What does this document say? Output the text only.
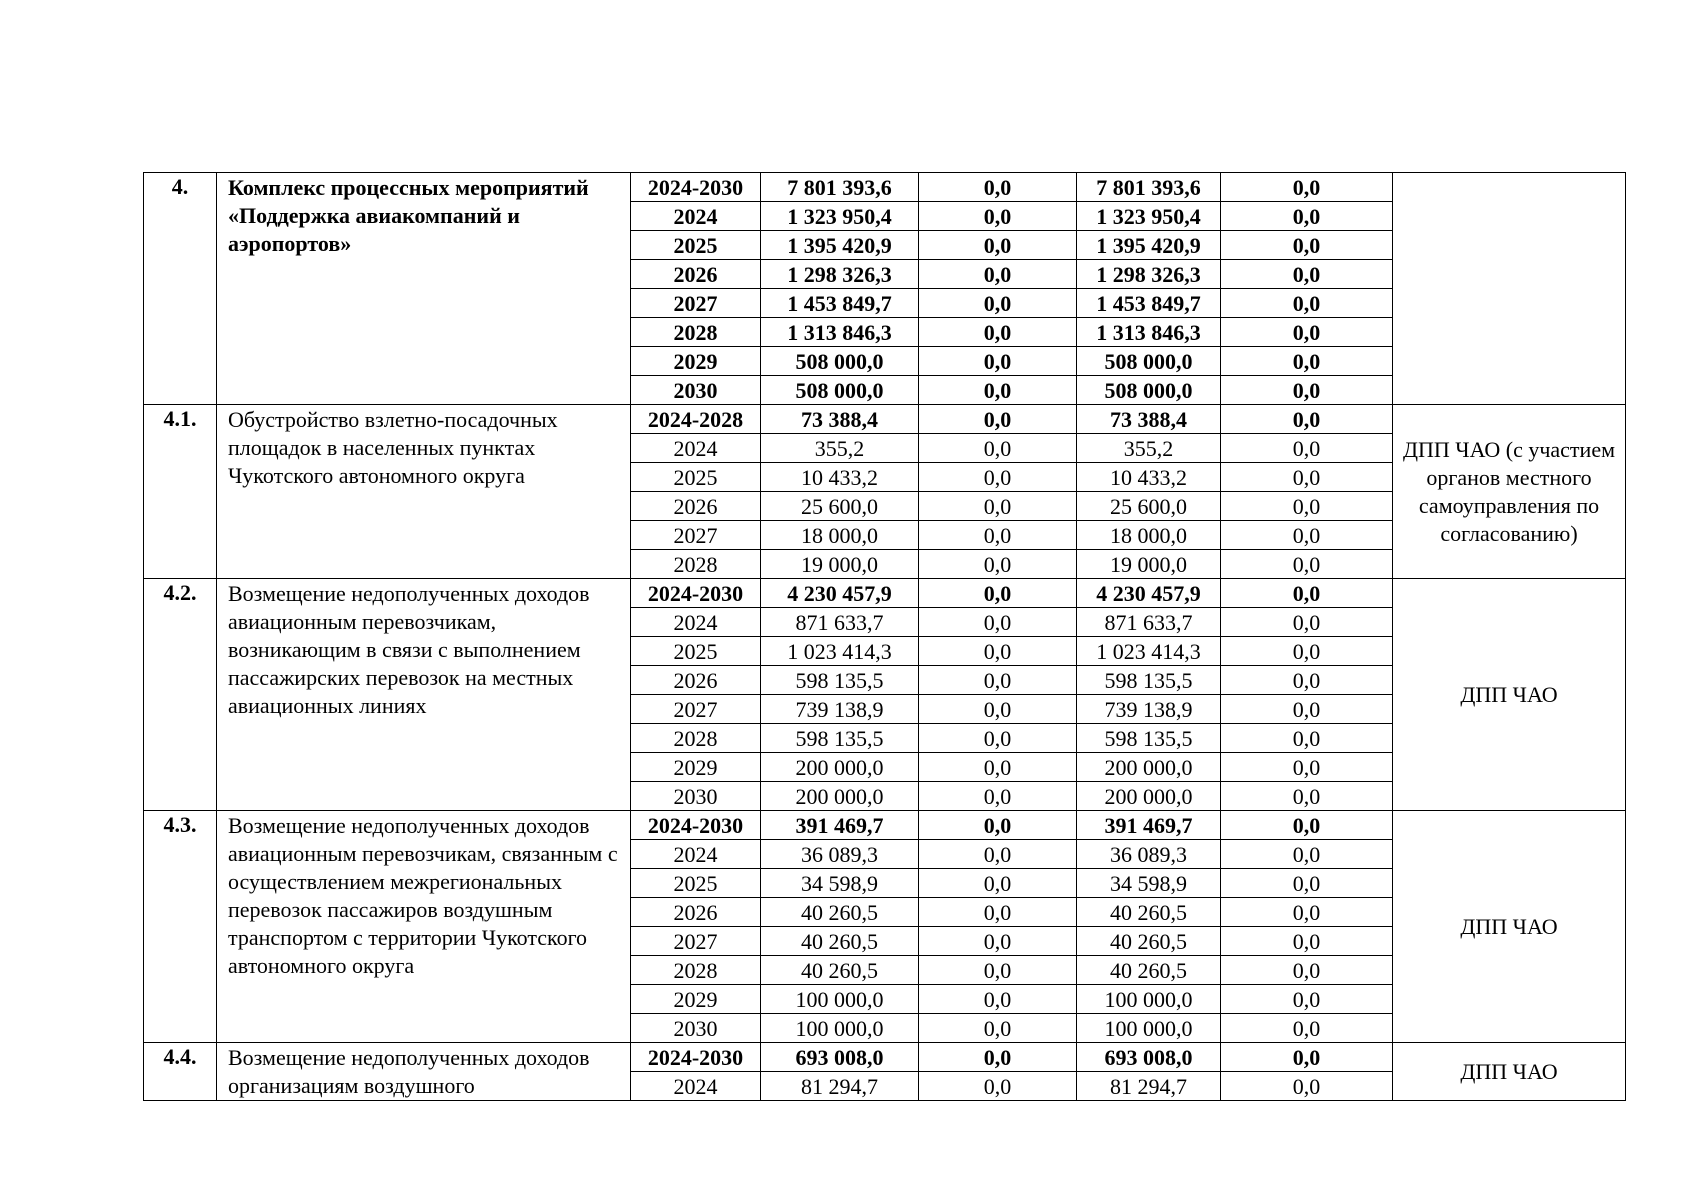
4.	Комплекс процессных мероприятий «Поддержка авиакомпаний и аэропортов»	2024-2030	7 801 393,6	0,0	7 801 393,6	0,0	
		2024	1 323 950,4	0,0	1 323 950,4	0,0	
		2025	1 395 420,9	0,0	1 395 420,9	0,0	
		2026	1 298 326,3	0,0	1 298 326,3	0,0	
		2027	1 453 849,7	0,0	1 453 849,7	0,0	
		2028	1 313 846,3	0,0	1 313 846,3	0,0	
		2029	508 000,0	0,0	508 000,0	0,0	
		2030	508 000,0	0,0	508 000,0	0,0	
4.1.	Обустройство взлетно-посадочных площадок в населенных пунктах Чукотского автономного округа	2024-2028	73 388,4	0,0	73 388,4	0,0	ДПП ЧАО (с участием органов местного самоуправления по согласованию)
		2024	355,2	0,0	355,2	0,0	
		2025	10 433,2	0,0	10 433,2	0,0	
		2026	25 600,0	0,0	25 600,0	0,0	
		2027	18 000,0	0,0	18 000,0	0,0	
		2028	19 000,0	0,0	19 000,0	0,0	
4.2.	Возмещение недополученных доходов авиационным перевозчикам, возникающим в связи с выполнением пассажирских перевозок на местных авиационных линиях	2024-2030	4 230 457,9	0,0	4 230 457,9	0,0	ДПП ЧАО
		2024	871 633,7	0,0	871 633,7	0,0	
		2025	1 023 414,3	0,0	1 023 414,3	0,0	
		2026	598 135,5	0,0	598 135,5	0,0	
		2027	739 138,9	0,0	739 138,9	0,0	
		2028	598 135,5	0,0	598 135,5	0,0	
		2029	200 000,0	0,0	200 000,0	0,0	
		2030	200 000,0	0,0	200 000,0	0,0	
4.3.	Возмещение недополученных доходов авиационным перевозчикам, связанным с осуществлением межрегиональных перевозок пассажиров воздушным транспортом с территории Чукотского автономного округа	2024-2030	391 469,7	0,0	391 469,7	0,0	ДПП ЧАО
		2024	36 089,3	0,0	36 089,3	0,0	
		2025	34 598,9	0,0	34 598,9	0,0	
		2026	40 260,5	0,0	40 260,5	0,0	
		2027	40 260,5	0,0	40 260,5	0,0	
		2028	40 260,5	0,0	40 260,5	0,0	
		2029	100 000,0	0,0	100 000,0	0,0	
		2030	100 000,0	0,0	100 000,0	0,0	
4.4.	Возмещение недополученных доходов организациям воздушного	2024-2030	693 008,0	0,0	693 008,0	0,0	ДПП ЧАО
		2024	81 294,7	0,0	81 294,7	0,0	
